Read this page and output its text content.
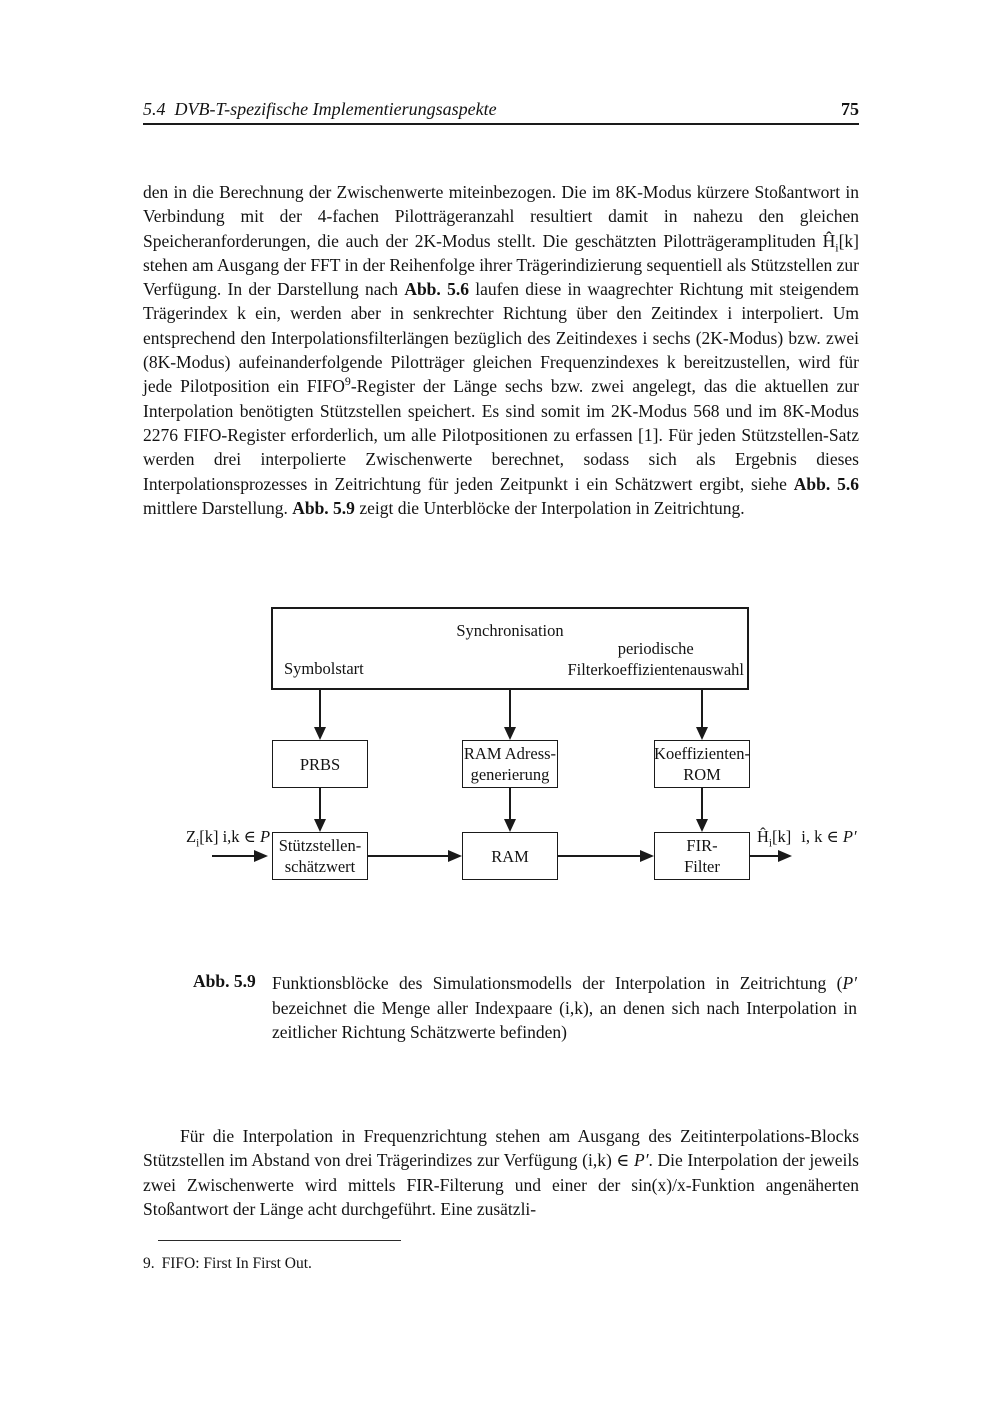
5.4 DVB-T-spezifische Implementierungsaspekte	75
den in die Berechnung der Zwischenwerte miteinbezogen. Die im 8K-Modus kürzere Stoßantwort in Verbindung mit der 4-fachen Pilotträgeranzahl resultiert damit in nahezu den gleichen Speicheranforderungen, die auch der 2K-Modus stellt. Die geschätzten Pilotträgeramplituden $Ĥ_i[k]$ stehen am Ausgang der FFT in der Reihenfolge ihrer Trägerindizierung sequentiell als Stützstellen zur Verfügung. In der Darstellung nach Abb. 5.6 laufen diese in waagrechter Richtung mit steigendem Trägerindex k ein, werden aber in senkrechter Richtung über den Zeitindex i interpoliert. Um entsprechend den Interpolationsfilterlängen bezüglich des Zeitindexes i sechs (2K-Modus) bzw. zwei (8K-Modus) aufeinanderfolgende Pilotträger gleichen Frequenzindexes k bereitzustellen, wird für jede Pilotposition ein FIFO$^9$-Register der Länge sechs bzw. zwei angelegt, das die aktuellen zur Interpolation benötigten Stützstellen speichert. Es sind somit im 2K-Modus 568 und im 8K-Modus 2276 FIFO-Register erforderlich, um alle Pilotpositionen zu erfassen [1]. Für jeden Stützstellen-Satz werden drei interpolierte Zwischenwerte berechnet, sodass sich als Ergebnis dieses Interpolationsprozesses in Zeitrichtung für jeden Zeitpunkt i ein Schätzwert ergibt, siehe Abb. 5.6 mittlere Darstellung. Abb. 5.9 zeigt die Unterblöcke der Interpolation in Zeitrichtung.
Synchronisation
Symbolstart
periodische
Filterkoeffizientenauswahl
PRBS
RAM Adress-
generierung
Koeffizienten-
ROM
Stützstellen-
schätzwert
RAM
FIR-
Filter
$Z_i[k]$ i,k ∈ P	$Ĥ_i[k]$ i, k ∈ P′
Abb. 5.9 Funktionsblöcke des Simulationsmodells der Interpolation in Zeitrichtung (P′ bezeichnet die Menge aller Indexpaare (i,k), an denen sich nach Interpolation in zeitlicher Richtung Schätzwerte befinden)
Für die Interpolation in Frequenzrichtung stehen am Ausgang des Zeitinterpolations-Blocks Stützstellen im Abstand von drei Trägerindizes zur Verfügung (i,k) ∈ P′. Die Interpolation der jeweils zwei Zwischenwerte wird mittels FIR-Filterung und einer der sin(x)/x-Funktion angenäherten Stoßantwort der Länge acht durchgeführt. Eine zusätzli-
9. FIFO: First In First Out.
